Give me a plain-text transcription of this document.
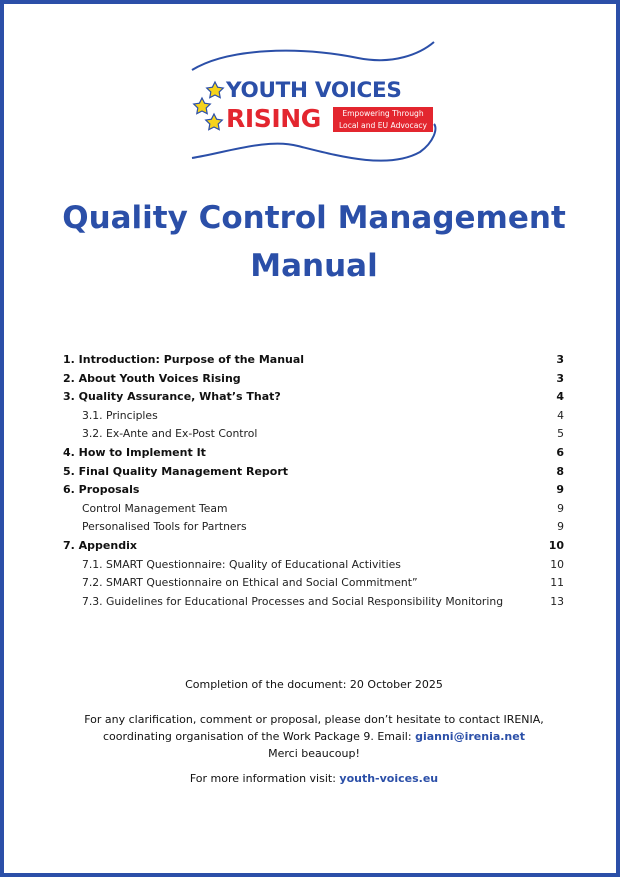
YOUTH VOICES
RISING	Empowering Through
Local and EU Advocacy
Quality Control Management
Manual
1. Introduction: Purpose of the Manual	3
2. About Youth Voices Rising	3
3. Quality Assurance, What’s That?	4
3.1. Principles	4
3.2. Ex-Ante and Ex-Post Control	5
4. How to Implement It	6
5. Final Quality Management Report	8
6. Proposals	9
Control Management Team	9
Personalised Tools for Partners	9
7. Appendix	10
7.1. SMART Questionnaire: Quality of Educational Activities	10
7.2. SMART Questionnaire on Ethical and Social Commitment”	11
7.3. Guidelines for Educational Processes and Social Responsibility Monitoring	13

Completion of the document: 20 October 2025

For any clarification, comment or proposal, please don’t hesitate to contact IRENIA,

coordinating organisation of the Work Package 9. Email: gianni@irenia.net

Merci beaucoup!

For more information visit: youth-voices.eu
